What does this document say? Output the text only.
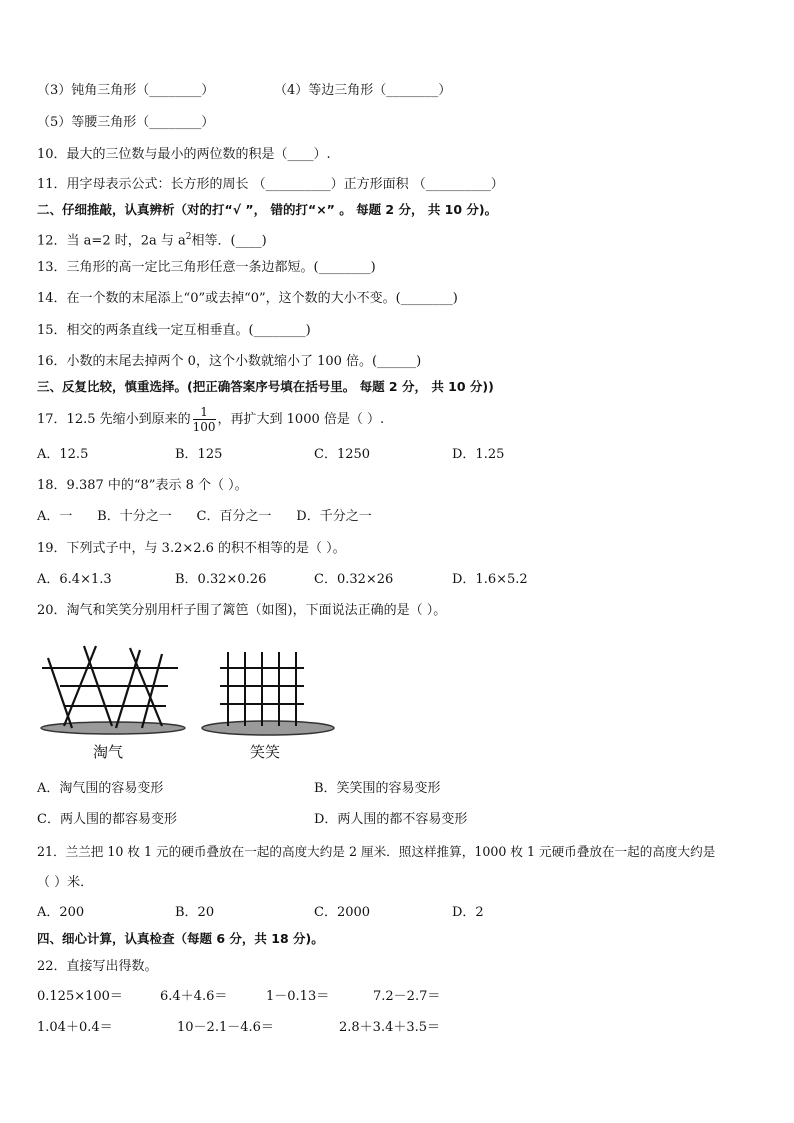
（3）钝角三角形（________）	（4）等边三角形（________）
（5）等腰三角形（________）
10．最大的三位数与最小的两位数的积是（____）.
11．用字母表示公式：长方形的周长 （__________）正方形面积 （__________）
二、仔细推敲，认真辨析（对的打“√ ”， 错的打“×” 。 每题 2 分， 共 10 分)。
12．当 a=2 时，2a 与 $a^2$相等．(____)
13．三角形的高一定比三角形任意一条边都短。(________)
14．在一个数的末尾添上“0”或去掉“0”，这个数的大小不变。(________)
15．相交的两条直线一定互相垂直。(________)
16．小数的末尾去掉两个 0，这个小数就缩小了 100 倍。(______)
三、反复比较，慎重选择。(把正确答案序号填在括号里。 每题 2 分， 共 10 分))
17．12.5 先缩小到原来的 $\frac{1}{100}$ ，再扩大到 1000 倍是（ ）.
A．12.5	B．125	C．1250	D．1.25
18．9.387 中的“8”表示 8 个（ ）。
A．一      B．十分之一      C．百分之一      D．千分之一
19．下列式子中，与 3.2×2.6 的积不相等的是（ ）。
A．6.4×1.3	B．0.32×0.26	C．0.32×26	D．1.6×5.2
20．淘气和笑笑分别用杆子围了篱笆（如图)，下面说法正确的是（ ）。
淘气	笑笑
A．淘气围的容易变形	B．笑笑围的容易变形
C．两人围的都容易变形	D．两人围的都不容易变形
21．兰兰把 10 枚 1 元的硬币叠放在一起的高度大约是 2 厘米．照这样推算，1000 枚 1 元硬币叠放在一起的高度大约是
（ ）米．
A．200	B．20	C．2000	D．2
四、细心计算，认真检查（每题 6 分，共 18 分)。
22．直接写出得数。
0.125×100＝	6.4＋4.6＝	1－0.13＝	7.2－2.7＝
1.04＋0.4＝	10－2.1－4.6＝	2.8＋3.4＋3.5＝
